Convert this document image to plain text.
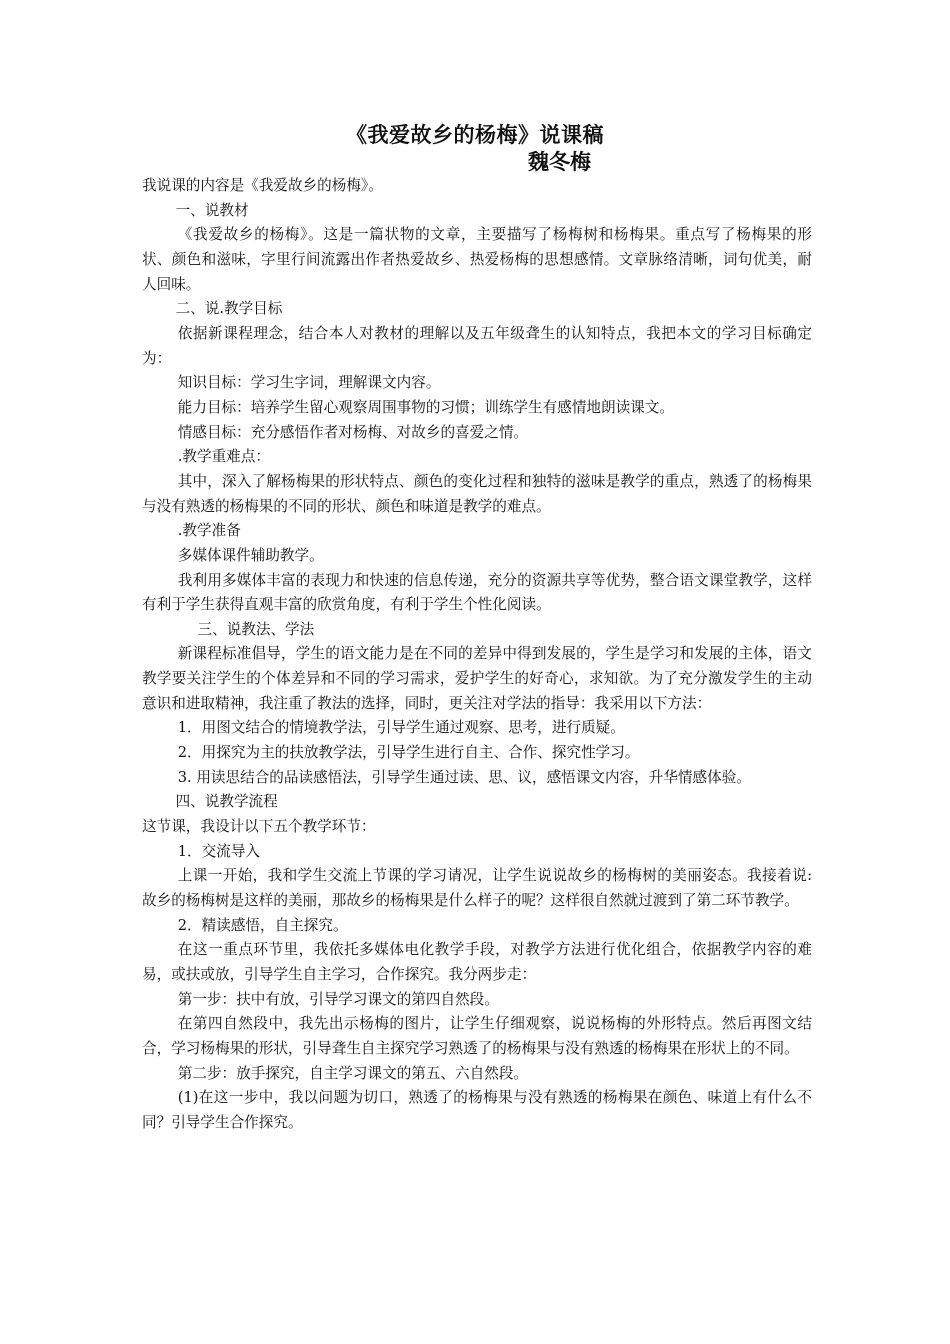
《我爱故乡的杨梅》说课稿
魏冬梅

我说课的内容是《我爱故乡的杨梅》。

一、说教材

《我爱故乡的杨梅》。这是一篇状物的文章，主要描写了杨梅树和杨梅果。重点写了杨梅果的形状、颜色和滋味，字里行间流露出作者热爱故乡、热爱杨梅的思想感情。文章脉络清晰，词句优美，耐人回味。

二、说.教学目标

依据新课程理念，结合本人对教材的理解以及五年级聋生的认知特点，我把本文的学习目标确定为：

知识目标：学习生字词，理解课文内容。

能力目标：培养学生留心观察周围事物的习惯；训练学生有感情地朗读课文。

情感目标：充分感悟作者对杨梅、对故乡的喜爱之情。

.教学重难点：

其中，深入了解杨梅果的形状特点、颜色的变化过程和独特的滋味是教学的重点，熟透了的杨梅果与没有熟透的杨梅果的不同的形状、颜色和味道是教学的难点。

.教学准备

多媒体课件辅助教学。

我利用多媒体丰富的表现力和快速的信息传递，充分的资源共享等优势，整合语文课堂教学，这样有利于学生获得直观丰富的欣赏角度，有利于学生个性化阅读。

三、说教法、学法

新课程标准倡导，学生的语文能力是在不同的差异中得到发展的，学生是学习和发展的主体，语文教学要关注学生的个体差异和不同的学习需求，爱护学生的好奇心，求知欲。为了充分激发学生的主动意识和进取精神，我注重了教法的选择，同时，更关注对学法的指导：我采用以下方法：

1．用图文结合的情境教学法，引导学生通过观察、思考，进行质疑。

2．用探究为主的扶放教学法，引导学生进行自主、合作、探究性学习。

3. 用读思结合的品读感悟法，引导学生通过读、思、议，感悟课文内容，升华情感体验。

四、说教学流程

这节课，我设计以下五个教学环节：

1．交流导入

上课一开始，我和学生交流上节课的学习请况，让学生说说故乡的杨梅树的美丽姿态。我接着说: 故乡的杨梅树是这样的美丽，那故乡的杨梅果是什么样子的呢？这样很自然就过渡到了第二环节教学。

2．精读感悟，自主探究。

在这一重点环节里，我依托多媒体电化教学手段，对教学方法进行优化组合，依据教学内容的难易，或扶或放，引导学生自主学习，合作探究。我分两步走：

第一步：扶中有放，引导学习课文的第四自然段。

在第四自然段中，我先出示杨梅的图片，让学生仔细观察，说说杨梅的外形特点。然后再图文结合，学习杨梅果的形状，引导聋生自主探究学习熟透了的杨梅果与没有熟透的杨梅果在形状上的不同。

第二步：放手探究，自主学习课文的第五、六自然段。

(1)在这一步中，我以问题为切口，熟透了的杨梅果与没有熟透的杨梅果在颜色、味道上有什么不同？引导学生合作探究。
